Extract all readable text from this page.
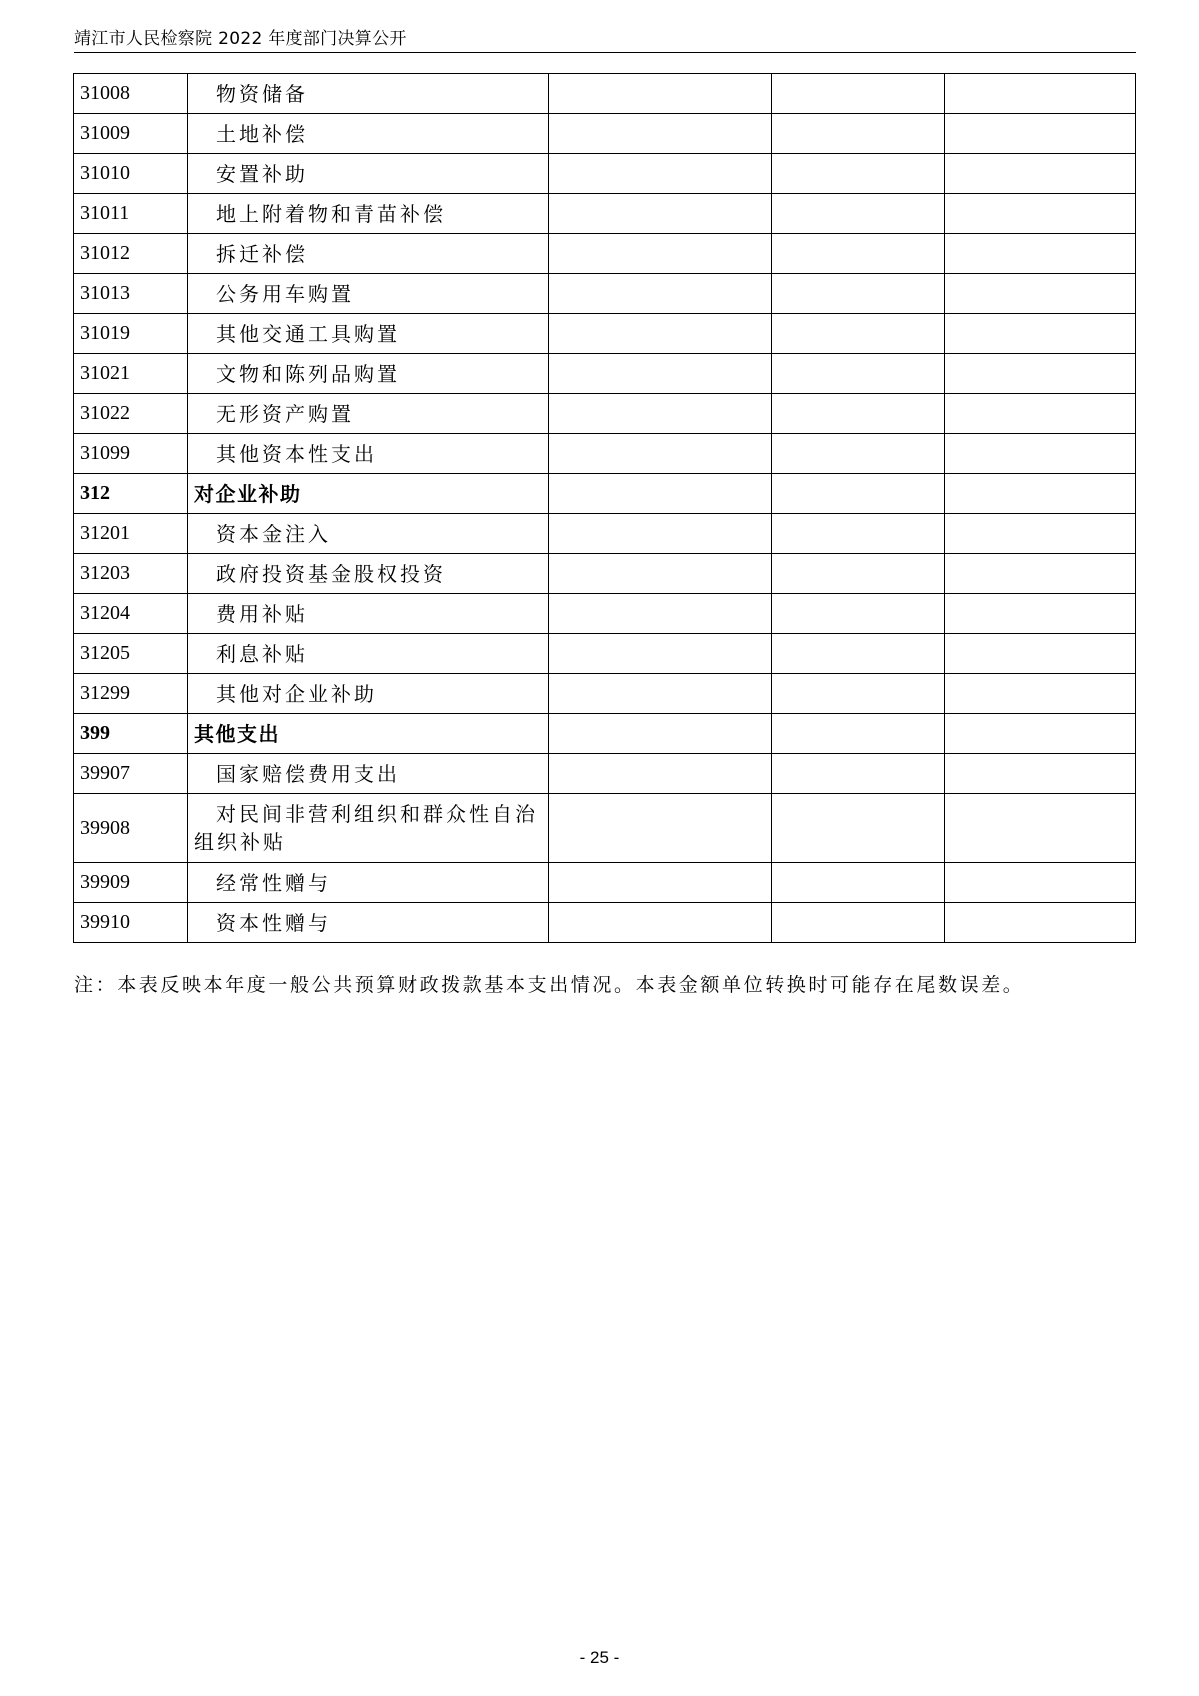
靖江市人民检察院 2022 年度部门决算公开
31008	物资储备			
31009	土地补偿			
31010	安置补助			
31011	地上附着物和青苗补偿			
31012	拆迁补偿			
31013	公务用车购置			
31019	其他交通工具购置			
31021	文物和陈列品购置			
31022	无形资产购置			
31099	其他资本性支出			
312	对企业补助			
31201	资本金注入			
31203	政府投资基金股权投资			
31204	费用补贴			
31205	利息补贴			
31299	其他对企业补助			
399	其他支出			
39907	国家赔偿费用支出			
39908	对民间非营利组织和群众性自治组织补贴			
39909	经常性赠与			
39910	资本性赠与			
注：本表反映本年度一般公共预算财政拨款基本支出情况。本表金额单位转换时可能存在尾数误差。
- 25 -
